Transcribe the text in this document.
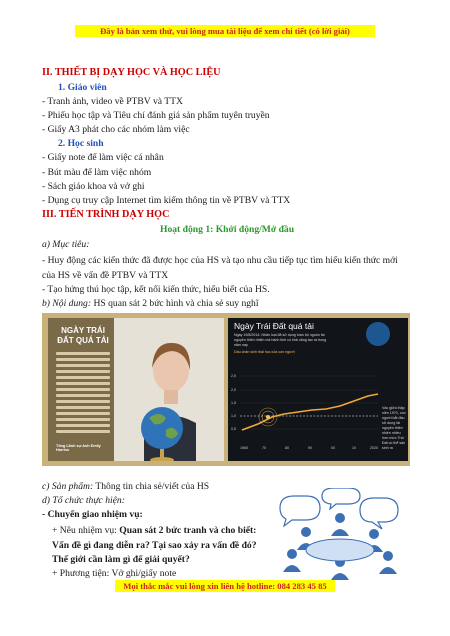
Đây là bản xem thử, vui lòng mua tài liệu để xem chi tiết (có lời giải)
II. THIẾT BỊ DẠY HỌC VÀ HỌC LIỆU
1. Giáo viên
- Tranh ảnh, video về PTBV và TTX
- Phiếu học tập và Tiêu chí đánh giá sản phẩm tuyên truyền
- Giấy A3 phát cho các nhóm làm việc
2. Học sinh
- Giấy note để làm việc cá nhân
- Bút màu để làm việc nhóm
- Sách giáo khoa và vở ghi
- Dụng cụ truy cập Internet tìm kiếm thông tin về PTBV và TTX
III. TIẾN TRÌNH DẠY HỌC
Hoạt động 1: Khởi động/Mở đầu
a) Mục tiêu:
- Huy động các kiến thức đã được học của HS và tạo nhu cầu tiếp tục tìm hiểu kiến thức mới của HS về vấn đề PTBV và TTX
- Tạo hứng thú học tập, kết nối kiến thức, hiểu biết của HS.
b) Nội dung: HS quan sát 2 bức hình và chia sẻ suy nghĩ
NGÀY TRÁI
ĐẤT QUÁ TẢI
Tổng Lãnh sự Anh Emily Harriss
Ngày Trái Đất quá tải
Ngày 19/8/2014: Nhân loại đã sử dụng toàn bộ nguồn tài nguyên thiên nhiên mà hành tinh có khả năng tạo ra trong năm nay
Dấu chân sinh thái học của con người
2,5
2,0
1,5
1,0
0,5
1960	70	80	90	00	10	2020
Vào giữa thập niên 1970, con người bắt đầu sử dụng tài nguyên thiên nhiên nhiều hơn mức Trái Đất có thể sản sinh ra
c) Sản phẩm: Thông tin chia sẻ/viết của HS
d) Tổ chức thực hiện:
- Chuyển giao nhiệm vụ:
+ Nêu nhiệm vụ: Quan sát 2 bức tranh và cho biết: Vấn đề gì đang diễn ra? Tại sao xảy ra vấn đề đó? Thế giới cần làm gì để giải quyết?
+ Phương tiện: Vở ghi/giấy note
Mọi thắc mắc vui lòng xin liên hệ hotline: 084 283 45 85
